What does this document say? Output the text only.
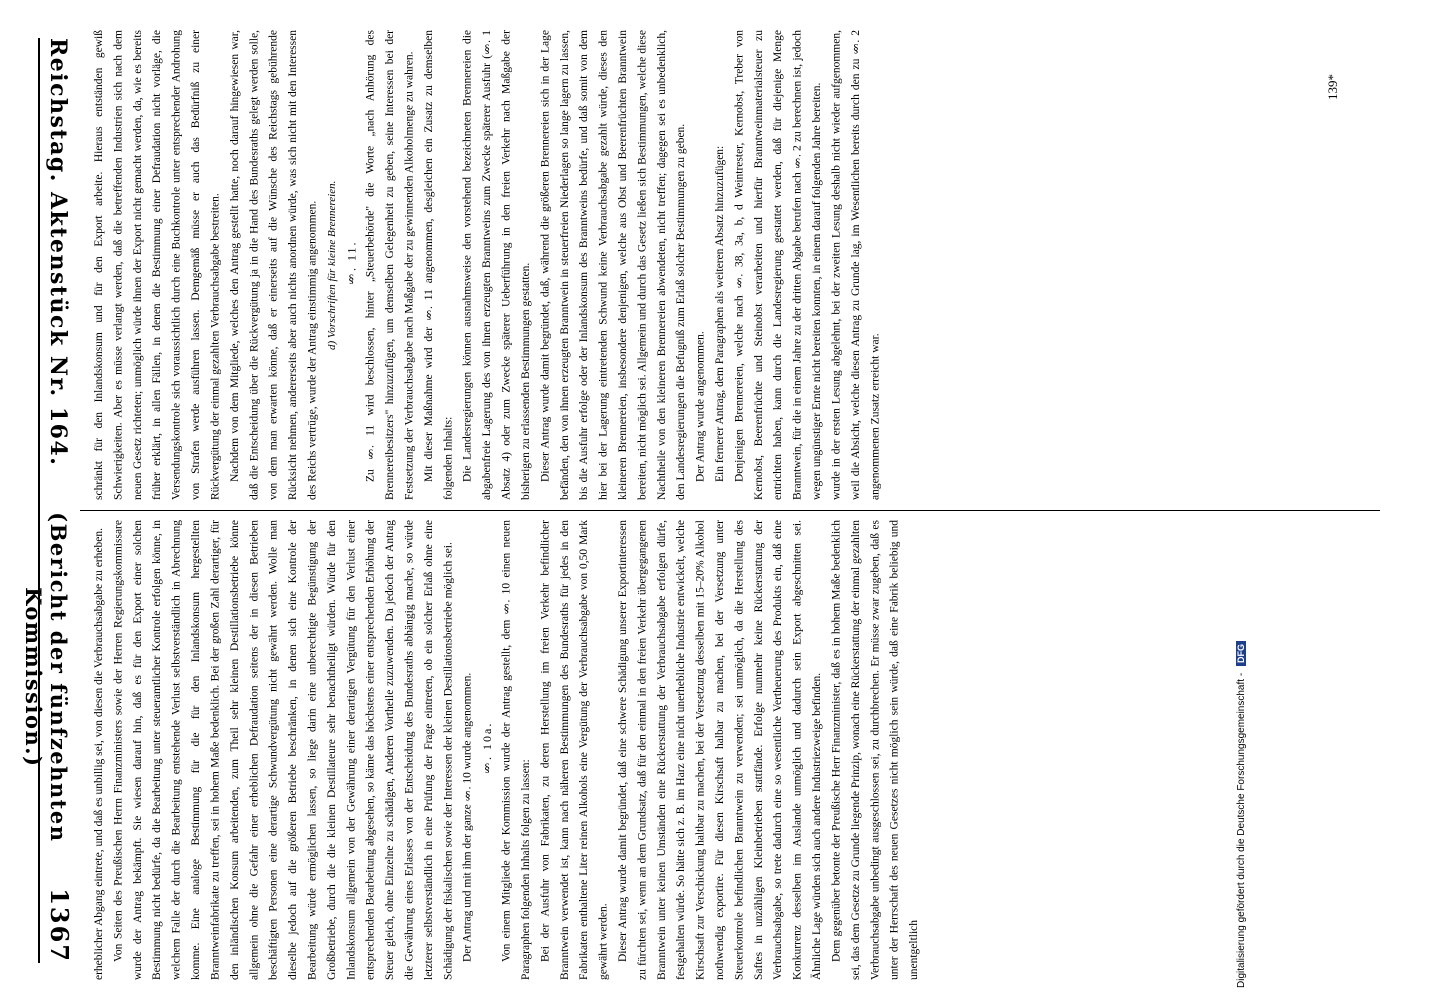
Reichstag. Aktenstück Nr. 164.
(Bericht der fünfzehnten Kommission.)
1367

schränkt für den Inlandskonsum und für den Export arbeite. Hieraus entständen gewiß Schwierigkeiten. Aber es müsse verlangt werden, daß die betreffenden Industrien sich nach dem neuen Gesetz richteten; unmöglich würde ihnen der Export nicht gemacht werden, da, wie es bereits früher erklärt, in allen Fällen, in denen die Bestimmung einer Defraudation nicht vorläge, die Versendungskontrole sich voraussichtlich durch eine Buchkontrole unter entsprechender Androhung von Strafen werde ausführen lassen. Demgemäß müsse er auch das Bedürfniß zu einer Rückvergütung der einmal gezahlten Verbrauchsabgabe bestreiten. Nachdem von dem Mitgliede, welches den Antrag gestellt hatte, noch darauf hingewiesen war, daß die Entscheidung über die Rückvergütung ja in die Hand des Bundesraths gelegt werden solle, von dem man erwarten könne, daß er einerseits auf die Wünsche des Reichstags gebührende Rücksicht nehmen, andererseits aber auch nichts anordnen würde, was sich nicht mit den Interessen des Reichs vertrüge, wurde der Antrag einstimmig angenommen. d) Vorschriften für kleine Brennereien. §. 11. Zu §. 11 wird beschlossen, hinter „Steuerbehörde" die Worte „nach Anhörung des Brennereibesitzers" hinzuzufügen, um demselben Gelegenheit zu geben, seine Interessen bei der Festsetzung der Verbrauchsabgabe nach Maßgabe der zu gewinnenden Alkoholmenge zu wahren. Mit dieser Maßnahme wird der §. 11 angenommen, desgleichen ein Zusatz zu demselben folgenden Inhalts: Die Landesregierungen können ausnahmsweise den vorstehend bezeichneten Brennereien die abgabenfreie Lagerung des von ihnen erzeugten Branntweins zum Zwecke späterer Ausfuhr (§. 1 Absatz 4) oder zum Zwecke späterer Ueberführung in den freien Verkehr nach Maßgabe der bisherigen zu erlassenden Bestimmungen gestatten. Dieser Antrag wurde damit begründet, daß, während die größeren Brennereien sich in der Lage befänden, den von ihnen erzeugten Branntwein in steuerfreien Niederlagen so lange lagern zu lassen, bis die Ausfuhr erfolge oder der Inlandskonsum des Branntweins bedürfe, und daß somit von dem hier bei der Lagerung eintretenden Schwund keine Verbrauchsabgabe gezahlt würde, dieses den kleineren Brennereien, insbesondere denjenigen, welche aus Obst und Beerenfrüchten Branntwein bereiten, nicht möglich sei. Allgemein und durch das Gesetz ließen sich Bestimmungen, welche diese Nachtheile von den kleineren Brennereien abwendeten, nicht treffen; dagegen sei es unbedenklich, den Landesregierungen die Befugniß zum Erlaß solcher Bestimmungen zu geben. Der Antrag wurde angenommen. Ein fernerer Antrag, dem Paragraphen als weiteren Absatz hinzuzufügen: Denjenigen Brennereien, welche nach §. 38, 3a, b, d Weintrester, Kernobst, Treber von Kernobst, Beerenfrüchte und Steinobst verarbeiten und hierfür Branntweinmaterialsteuer zu entrichten haben, kann durch die Landesregierung gestattet werden, daß für diejenige Menge Branntwein, für die in einem Jahre zu der dritten Abgabe berufen nach §. 2 zu berechnen ist, jedoch wegen ungünstiger Ernte nicht bereiten konnten, in einem darauf folgenden Jahre bereiten. wurde in der ersten Lesung abgelehnt, bei der zweiten Lesung deshalb nicht wieder aufgenommen, weil die Absicht, welche diesen Antrag zu Grunde lag, im Wesentlichen bereits durch den zu §. 2 angenommenen Zusatz erreicht war.

erheblicher Abgang eintrete, und daß es unbillig sei, von diesen die Verbrauchsabgabe zu erheben. Von Seiten des Preußischen Herrn Finanzministers sowie der Herren Regierungskommissare wurde der Antrag bekämpft. Sie wiesen darauf hin, daß es für den Export einer solchen Bestimmung nicht bedürfe, da die Bearbeitung unter steueramtlicher Kontrole erfolgen könne, in welchem Falle der durch die Bearbeitung entstehende Verlust selbstverständlich in Abrechnung komme. Eine analoge Bestimmung für die für den Inlandskonsum hergestellten Branntweinfabrikate zu treffen, sei in hohem Maße bedenklich. Bei der großen Zahl derartiger, für den inländischen Konsum arbeitenden, zum Theil sehr kleinen Destillationsbetriebe könne allgemein ohne die Gefahr einer erheblichen Defraudation seitens der in diesen Betrieben beschäftigten Personen eine derartige Schwundvergütung nicht gewährt werden. Wolle man dieselbe jedoch auf die größeren Betriebe beschränken, in denen sich eine Kontrole der Bearbeitung würde ermöglichen lassen, so liege darin eine unberechtigte Begünstigung der Großbetriebe, durch die die kleinen Destillateure sehr benachtheiligt würden. Würde für den Inlandskonsum allgemein von der Gewährung einer derartigen Vergütung für den Verlust einer entsprechenden Bearbeitung abgesehen, so käme das höchstens einer entsprechenden Erhöhung der Steuer gleich, ohne Einzelne zu schädigen, Anderen Vortheile zuzuwenden. Da jedoch der Antrag die Gewährung eines Erlasses von der Entscheidung des Bundesraths abhängig mache, so würde letzterer selbstverständlich in eine Prüfung der Frage eintreten, ob ein solcher Erlaß ohne eine Schädigung der fiskalischen sowie der Interessen der kleinen Destillationsbetriebe möglich sei. Der Antrag und mit ihm der ganze §. 10 wurde angenommen. §. 10a. Von einem Mitgliede der Kommission wurde der Antrag gestellt, dem §. 10 einen neuen Paragraphen folgenden Inhalts folgen zu lassen: Bei der Ausfuhr von Fabrikaten, zu deren Herstellung im freien Verkehr befindlicher Branntwein verwendet ist, kann nach näheren Bestimmungen des Bundesraths für jedes in den Fabrikaten enthaltene Liter reinen Alkohols eine Vergütung der Verbrauchsabgabe von 0,50 Mark gewährt werden. Dieser Antrag wurde damit begründet, daß eine schwere Schädigung unserer Exportinteressen zu fürchten sei, wenn an dem Grundsatz, daß für den einmal in den freien Verkehr übergegangenen Branntwein unter keinen Umständen eine Rückerstattung der Verbrauchsabgabe erfolgen dürfe, festgehalten würde. So hätte sich z. B. im Harz eine nicht unerhebliche Industrie entwickelt, welche Kirschsaft zur Verschickung haltbar zu machen, bei der Versetzung desselben mit 15–20% Alkohol nothwendig exportire. Für diesen Kirschsaft halbar zu machen, bei der Versetzung unter Steuerkontrole befindlichen Branntwein zu verwenden; sei unmöglich, da die Herstellung des Saftes in unzähligen Kleinbetrieben stattfände. Erfolge nunmehr keine Rückerstattung der Verbrauchsabgabe, so trete dadurch eine so wesentliche Vertheuerung des Produkts ein, daß eine Konkurrenz desselben im Auslande unmöglich und dadurch sein Export abgeschnitten sei. Ähnliche Lage würden sich auch andere Industriezweige befinden. Dem gegenüber betonte der Preußische Herr Finanzminister, daß es in hohem Maße bedenklich sei, das dem Gesetze zu Grunde liegende Prinzip, wonach eine Rückerstattung der einmal gezahlten Verbrauchsabgabe unbedingt ausgeschlossen sei, zu durchbrechen. Er müsse zwar zugeben, daß es unter der Herrschaft des neuen Gesetzes nicht möglich sein würde, daß eine Fabrik beliebig und unentgeltlich

139*
Digitalisierung gefördert durch die Deutsche Forschungsgemeinschaft - DFG
